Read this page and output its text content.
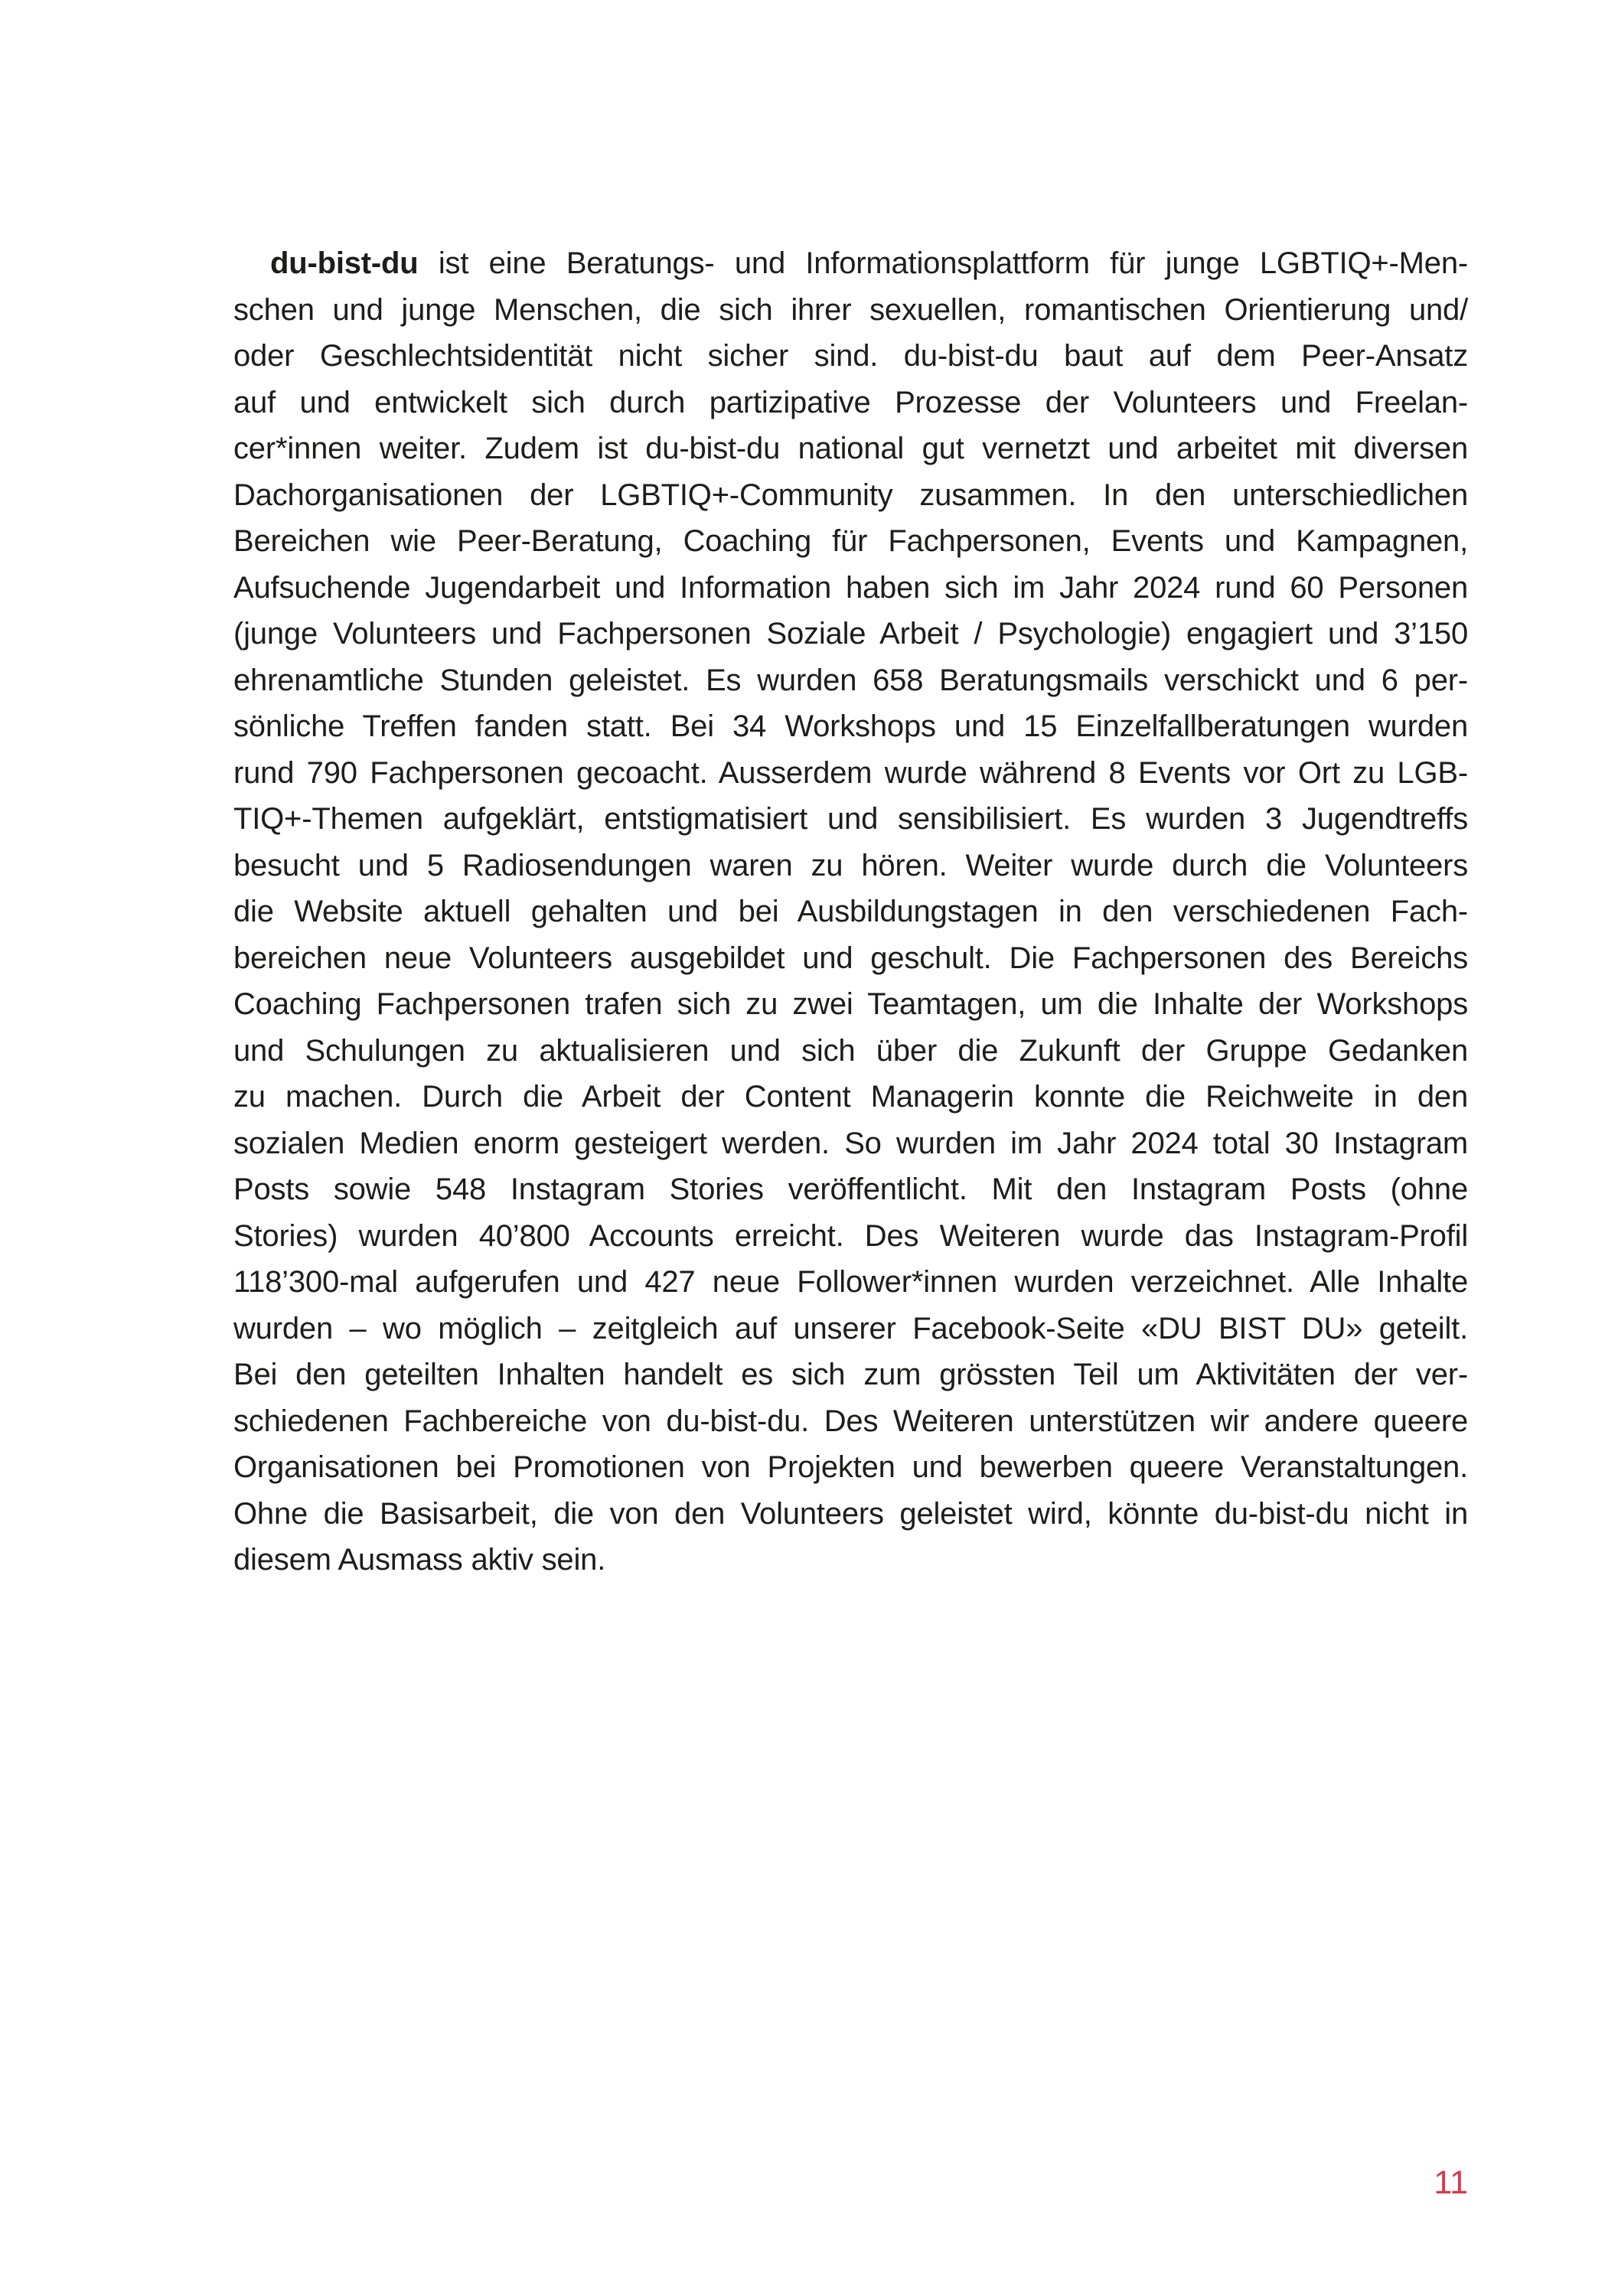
du-bist-du ist eine Beratungs- und Informationsplattform für junge LGBTIQ+-Men-
schen und junge Menschen, die sich ihrer sexuellen, romantischen Orientierung und/
oder Geschlechtsidentität nicht sicher sind. du-bist-du baut auf dem Peer-Ansatz
auf und entwickelt sich durch partizipative Prozesse der Volunteers und Freelan-
cer*innen weiter. Zudem ist du-bist-du national gut vernetzt und arbeitet mit diversen
Dachorganisationen der LGBTIQ+-Community zusammen. In den unterschiedlichen
Bereichen wie Peer-Beratung, Coaching für Fachpersonen, Events und Kampagnen,
Aufsuchende Jugendarbeit und Information haben sich im Jahr 2024 rund 60 Personen
(junge Volunteers und Fachpersonen Soziale Arbeit / Psychologie) engagiert und 3’150
ehrenamtliche Stunden geleistet. Es wurden 658 Beratungsmails verschickt und 6 per-
sönliche Treffen fanden statt. Bei 34 Workshops und 15 Einzelfallberatungen wurden
rund 790 Fachpersonen gecoacht. Ausserdem wurde während 8 Events vor Ort zu LGB-
TIQ+-Themen aufgeklärt, entstigmatisiert und sensibilisiert. Es wurden 3 Jugendtreffs
besucht und 5 Radiosendungen waren zu hören. Weiter wurde durch die Volunteers
die Website aktuell gehalten und bei Ausbildungstagen in den verschiedenen Fach-
bereichen neue Volunteers ausgebildet und geschult. Die Fachpersonen des Bereichs
Coaching Fachpersonen trafen sich zu zwei Teamtagen, um die Inhalte der Workshops
und Schulungen zu aktualisieren und sich über die Zukunft der Gruppe Gedanken
zu machen. Durch die Arbeit der Content Managerin konnte die Reichweite in den
sozialen Medien enorm gesteigert werden. So wurden im Jahr 2024 total 30 Instagram
Posts sowie 548 Instagram Stories veröffentlicht. Mit den Instagram Posts (ohne
Stories) wurden 40’800 Accounts erreicht. Des Weiteren wurde das Instagram-Profil
118’300-mal aufgerufen und 427 neue Follower*innen wurden verzeichnet. Alle Inhalte
wurden – wo möglich – zeitgleich auf unserer Facebook-Seite «DU BIST DU» geteilt.
Bei den geteilten Inhalten handelt es sich zum grössten Teil um Aktivitäten der ver-
schiedenen Fachbereiche von du-bist-du. Des Weiteren unterstützen wir andere queere
Organisationen bei Promotionen von Projekten und bewerben queere Veranstaltungen.
Ohne die Basisarbeit, die von den Volunteers geleistet wird, könnte du-bist-du nicht in
diesem Ausmass aktiv sein.
11
